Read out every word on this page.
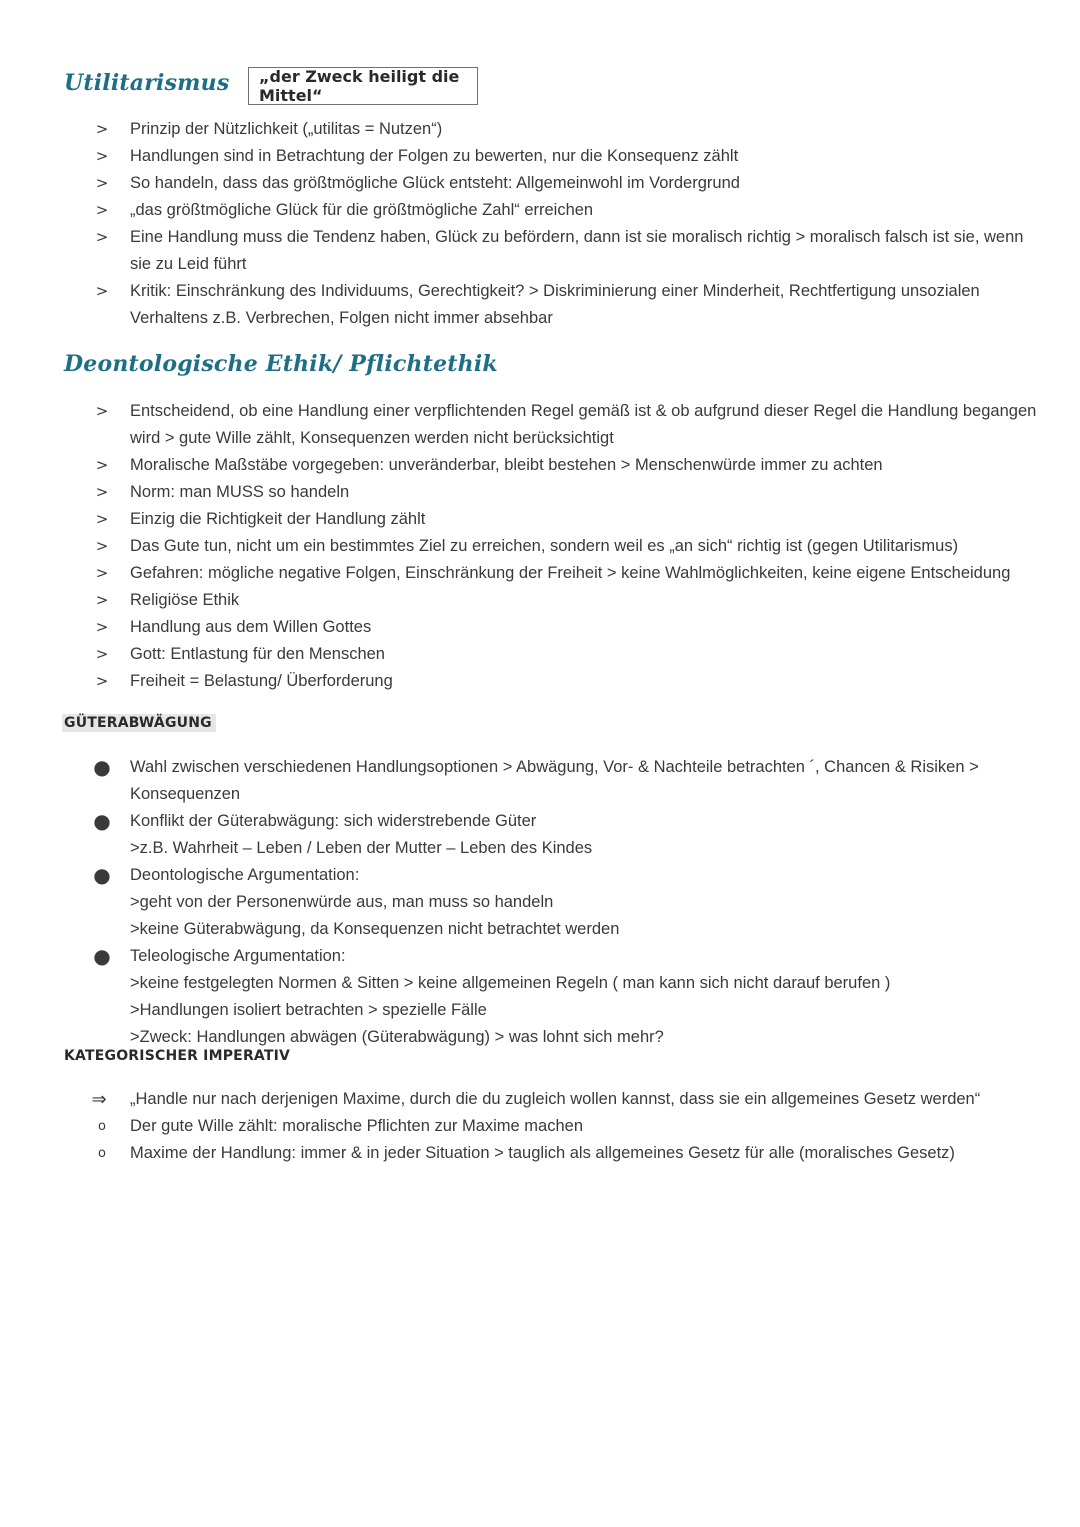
Utilitarismus	„der Zweck heiligt die Mittel“
>	Prinzip der Nützlichkeit („utilitas = Nutzen“)
>	Handlungen sind in Betrachtung der Folgen zu bewerten, nur die Konsequenz zählt
>	So handeln, dass das größtmögliche Glück entsteht: Allgemeinwohl im Vordergrund
>	„das größtmögliche Glück für die größtmögliche Zahl“ erreichen
>	Eine Handlung muss die Tendenz haben, Glück zu befördern, dann ist sie moralisch richtig > moralisch falsch ist sie, wenn sie zu Leid führt
>	Kritik: Einschränkung des Individuums, Gerechtigkeit? > Diskriminierung einer Minderheit, Rechtfertigung unsozialen Verhaltens z.B. Verbrechen, Folgen nicht immer absehbar
Deontologische Ethik/ Pflichtethik
>	Entscheidend, ob eine Handlung einer verpflichtenden Regel gemäß ist & ob aufgrund dieser Regel die Handlung begangen wird > gute Wille zählt, Konsequenzen werden nicht berücksichtigt
>	Moralische Maßstäbe vorgegeben: unveränderbar, bleibt bestehen > Menschenwürde immer zu achten
>	Norm: man MUSS so handeln
>	Einzig die Richtigkeit der Handlung zählt
>	Das Gute tun, nicht um ein bestimmtes Ziel zu erreichen, sondern weil es „an sich“ richtig ist (gegen Utilitarismus)
>	Gefahren: mögliche negative Folgen, Einschränkung der Freiheit > keine Wahlmöglichkeiten, keine eigene Entscheidung
>	Religiöse Ethik
>	Handlung aus dem Willen Gottes
>	Gott: Entlastung für den Menschen
>	Freiheit = Belastung/ Überforderung
GÜTERABWÄGUNG
● Wahl zwischen verschiedenen Handlungsoptionen > Abwägung, Vor- & Nachteile betrachten ´, Chancen & Risiken > Konsequenzen
● Konflikt der Güterabwägung: sich widerstrebende Güter
>z.B. Wahrheit – Leben / Leben der Mutter – Leben des Kindes
● Deontologische Argumentation:
>geht von der Personenwürde aus, man muss so handeln
>keine Güterabwägung, da Konsequenzen nicht betrachtet werden
● Teleologische Argumentation:
>keine festgelegten Normen & Sitten > keine allgemeinen Regeln ( man kann sich nicht darauf berufen )
>Handlungen isoliert betrachten > spezielle Fälle
>Zweck: Handlungen abwägen (Güterabwägung) > was lohnt sich mehr?
KATEGORISCHER IMPERATIV
⇒	„Handle nur nach derjenigen Maxime, durch die du zugleich wollen kannst, dass sie ein allgemeines Gesetz werden“
o	Der gute Wille zählt: moralische Pflichten zur Maxime machen
o	Maxime der Handlung: immer & in jeder Situation > tauglich als allgemeines Gesetz für alle (moralisches Gesetz)
